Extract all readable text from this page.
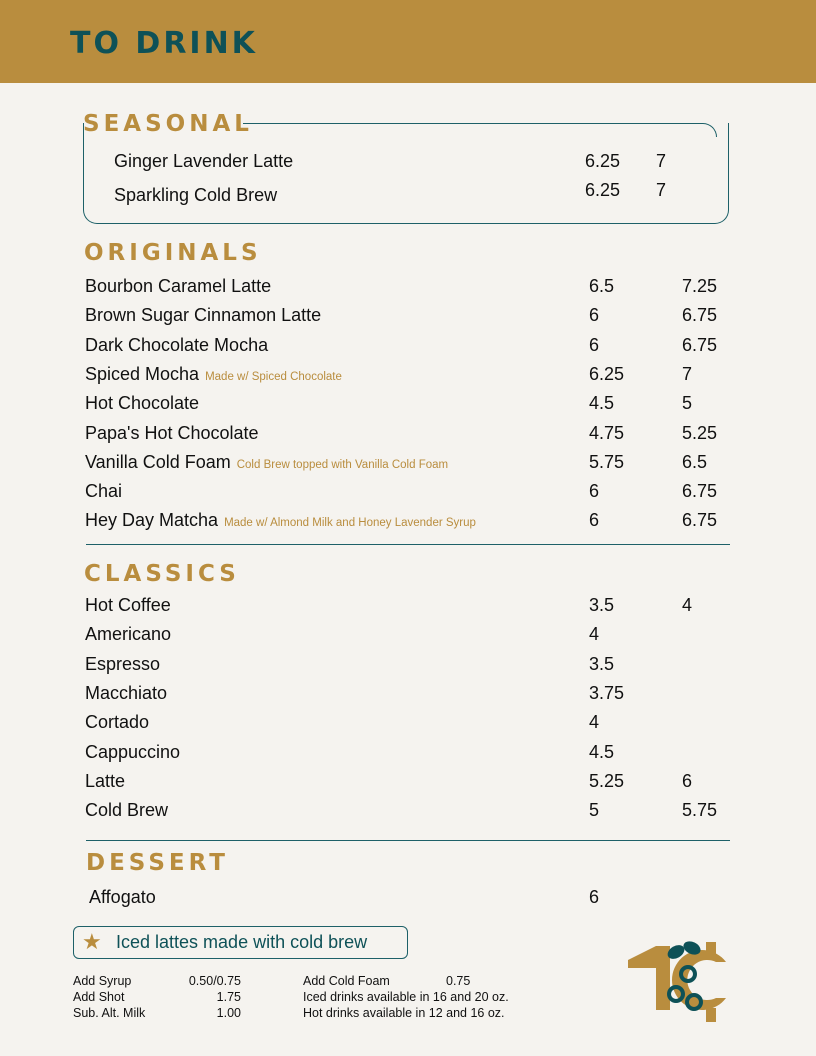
TO DRINK
SEASONAL
Ginger Lavender Latte	6.25 7
Sparkling Cold Brew	6.25 7
ORIGINALS
Bourbon Caramel Latte	6.5	7.25
Brown Sugar Cinnamon Latte	6	6.75
Dark Chocolate Mocha	6	6.75
Spiced Mocha Made w/ Spiced Chocolate	6.25	7
Hot Chocolate	4.5	5
Papa's Hot Chocolate	4.75	5.25
Vanilla Cold Foam Cold Brew topped with Vanilla Cold Foam	5.75	6.5
Chai	6	6.75
Hey Day Matcha Made w/ Almond Milk and Honey Lavender Syrup	6	6.75
CLASSICS
Hot Coffee	3.5	4
Americano	4
Espresso	3.5
Macchiato	3.75
Cortado	4
Cappuccino	4.5
Latte	5.25	6
Cold Brew	5	5.75
DESSERT
Affogato	6
★ Iced lattes made with cold brew
Add Syrup	0.50/0.75
Add Shot	1.75
Sub. Alt. Milk	1.00
Add Cold Foam	0.75
Iced drinks available in 16 and 20 oz.
Hot drinks available in 12 and 16 oz.
